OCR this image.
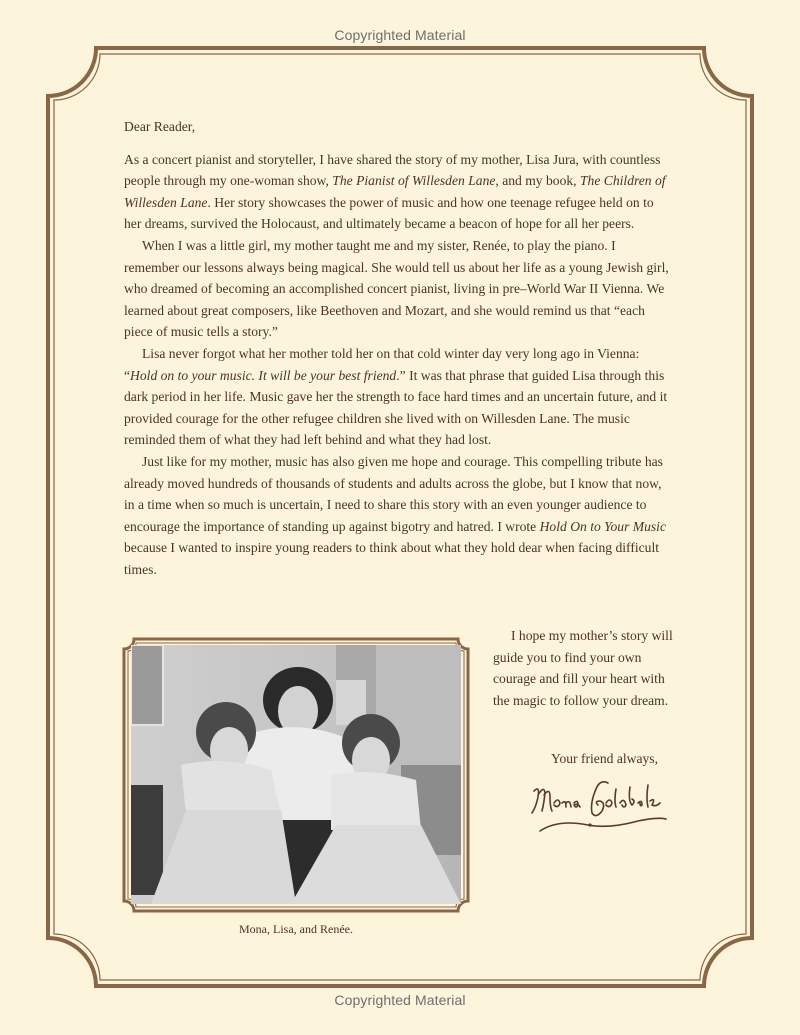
Copyrighted Material

Dear Reader,

As a concert pianist and storyteller, I have shared the story of my mother, Lisa Jura, with countless people through my one-woman show, The Pianist of Willesden Lane, and my book, The Children of Willesden Lane. Her story showcases the power of music and how one teenage refugee held on to her dreams, survived the Holocaust, and ultimately became a beacon of hope for all her peers.

When I was a little girl, my mother taught me and my sister, Renée, to play the piano. I remember our lessons always being magical. She would tell us about her life as a young Jewish girl, who dreamed of becoming an accomplished concert pianist, living in pre–World War II Vienna. We learned about great composers, like Beethoven and Mozart, and she would remind us that “each piece of music tells a story.”

Lisa never forgot what her mother told her on that cold winter day very long ago in Vienna: “Hold on to your music. It will be your best friend.” It was that phrase that guided Lisa through this dark period in her life. Music gave her the strength to face hard times and an uncertain future, and it provided courage for the other refugee children she lived with on Willesden Lane. The music reminded them of what they had left behind and what they had lost.

Just like for my mother, music has also given me hope and courage. This compelling tribute has already moved hundreds of thousands of students and adults across the globe, but I know that now, in a time when so much is uncertain, I need to share this story with an even younger audience to encourage the importance of standing up against bigotry and hatred. I wrote Hold On to Your Music because I wanted to inspire young readers to think about what they hold dear when facing difficult times.

Mona, Lisa, and Renée.

I hope my mother’s story will guide you to find your own courage and fill your heart with the magic to follow your dream.

Your friend always,
Copyrighted Material
